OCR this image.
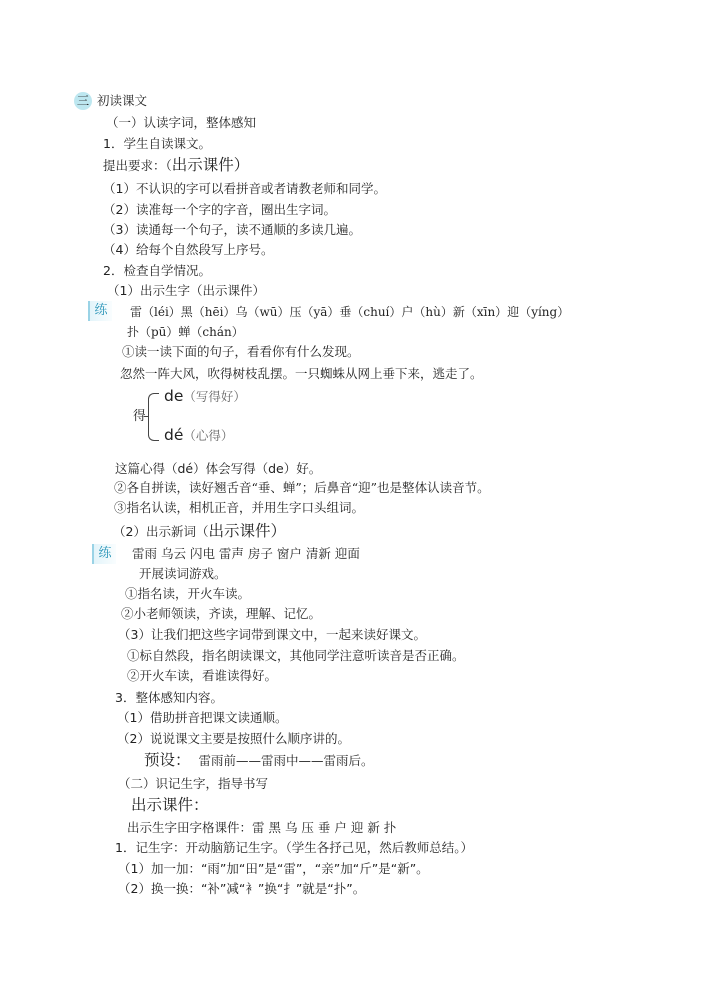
三 初读课文
（一）认读字词，整体感知
1．学生自读课文。
提出要求：（出示课件）
（1）不认识的字可以看拼音或者请教老师和同学。
（2）读准每一个字的字音，圈出生字词。
（3）读通每一个句子，读不通顺的多读几遍。
（4）给每个自然段写上序号。
2．检查自学情况。
（1）出示生字（出示课件）
练	雷（léi）黑（hēi）乌（wū）压（yā）垂（chuí）户（hù）新（xīn）迎（yíng）
扑（pū）蝉（chán）
①读一读下面的句子，看看你有什么发现。
忽然一阵大风，吹得树枝乱摆。一只蜘蛛从网上垂下来，逃走了。
得
de（写得好）
dé（心得）
这篇心得（dé）体会写得（de）好。
②各自拼读，读好翘舌音“垂、蝉”；后鼻音“迎”也是整体认读音节。
③指名认读，相机正音，并用生字口头组词。
（2）出示新词（出示课件）
练	雷雨 乌云 闪电 雷声 房子 窗户 清新 迎面
开展读词游戏。
①指名读，开火车读。
②小老师领读，齐读，理解、记忆。
（3）让我们把这些字词带到课文中，一起来读好课文。
①标自然段，指名朗读课文，其他同学注意听读音是否正确。
②开火车读，看谁读得好。
3．整体感知内容。
（1）借助拼音把课文读通顺。
（2）说说课文主要是按照什么顺序讲的。
预设： 雷雨前——雷雨中——雷雨后。
（二）识记生字，指导书写
出示课件：
出示生字田字格课件：雷 黑 乌 压 垂 户 迎 新 扑
1．记生字：开动脑筋记生字。（学生各抒己见，然后教师总结。）
（1）加一加：“雨”加“田”是“雷”，“亲”加“斤”是“新”。
（2）换一换：“补”减“衤”换“扌”就是“扑”。
